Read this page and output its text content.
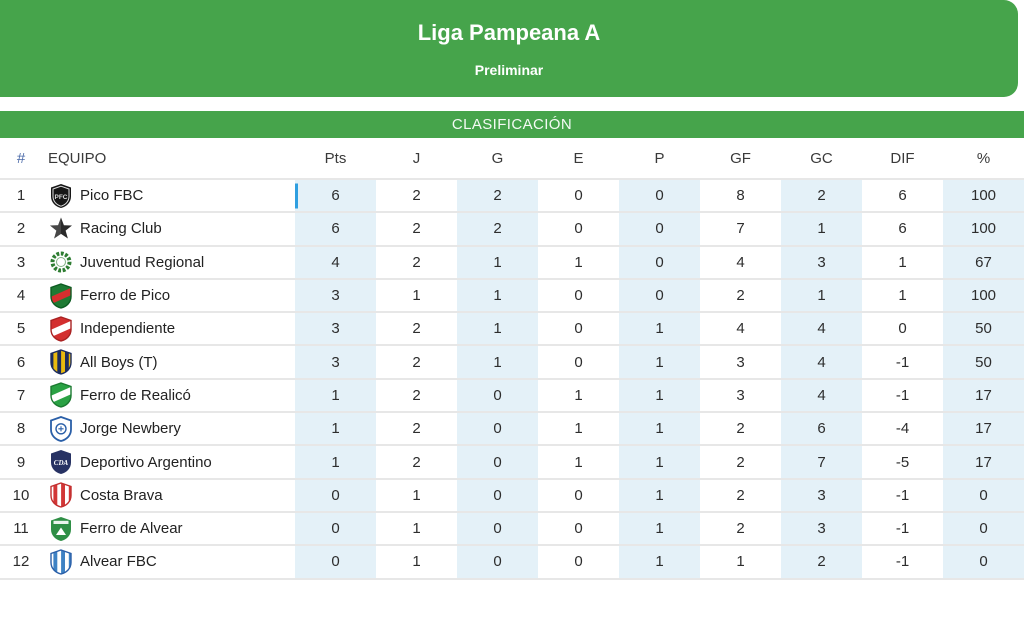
Liga Pampeana A
Preliminar
CLASIFICACIÓN
#	EQUIPO	Pts	J	G	E	P	GF	GC	DIF	%
1	PFC Pico FBC	6	2	2	0	0	8	2	6	100
2	Racing Club	6	2	2	0	0	7	1	6	100
3	Juventud Regional	4	2	1	1	0	4	3	1	67
4	Ferro de Pico	3	1	1	0	0	2	1	1	100
5	Independiente	3	2	1	0	1	4	4	0	50
6	All Boys (T)	3	2	1	0	1	3	4	-1	50
7	Ferro de Realicó	1	2	0	1	1	3	4	-1	17
8	Jorge Newbery	1	2	0	1	1	2	6	-4	17
9	CDA Deportivo Argentino	1	2	0	1	1	2	7	-5	17
10	Costa Brava	0	1	0	0	1	2	3	-1	0
11	Ferro de Alvear	0	1	0	0	1	2	3	-1	0
12	Alvear FBC	0	1	0	0	1	1	2	-1	0
